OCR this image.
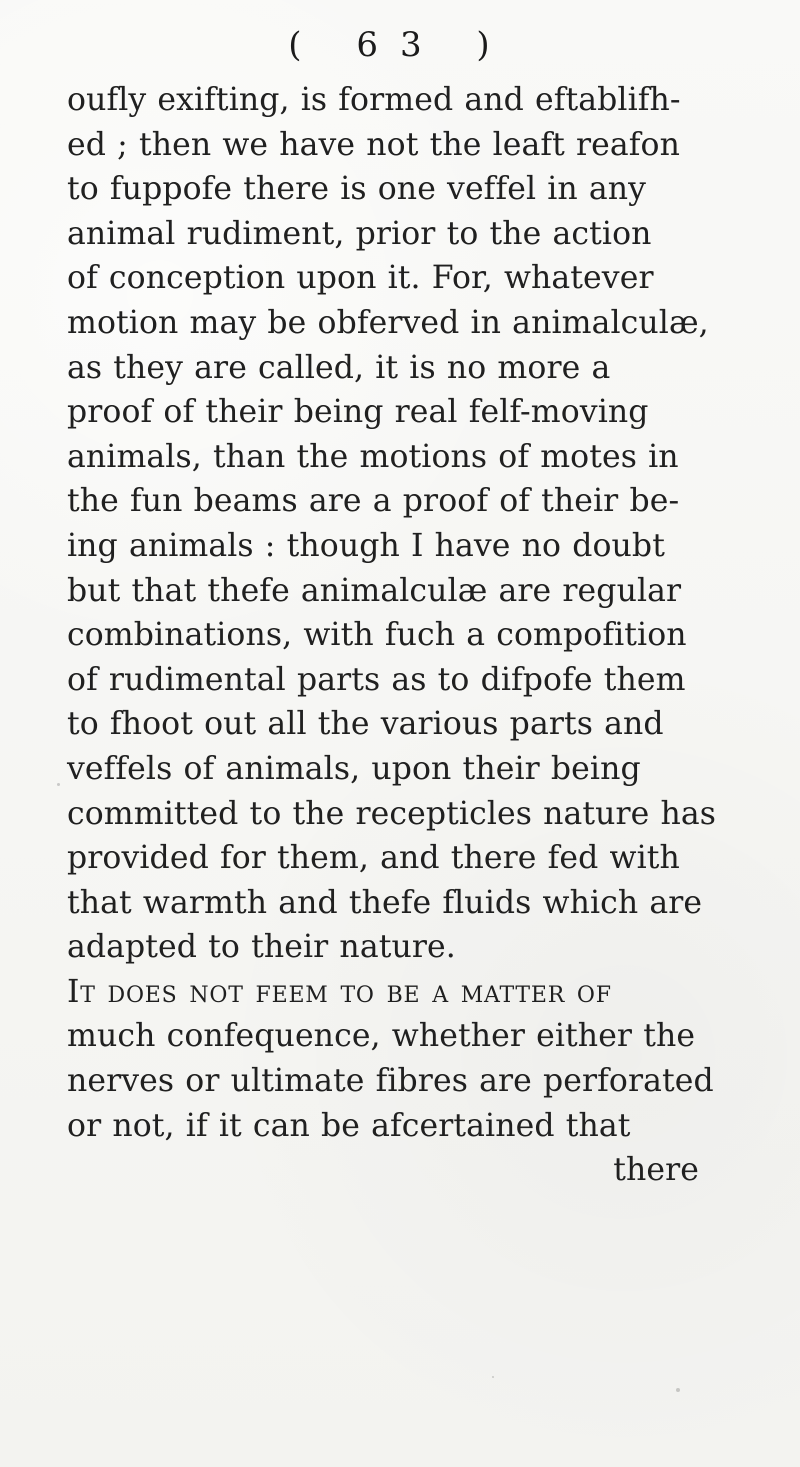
( 63 )
oufly exifting, is formed and eftablifh-
ed ; then we have not the leaft reafon
to fuppofe there is one veffel in any
animal rudiment, prior to the action
of conception upon it. For, whatever
motion may be obferved in animalculæ,
as they are called, it is no more a
proof of their being real felf-moving
animals, than the motions of motes in
the fun beams are a proof of their be-
ing animals : though I have no doubt
but that thefe animalculæ are regular
combinations, with fuch a compofition
of rudimental parts as to difpofe them
to fhoot out all the various parts and
veffels of animals, upon their being
committed to the recepticles nature has
provided for them, and there fed with
that warmth and thefe fluids which are
adapted to their nature.
It does not feem to be a matter of
much confequence, whether either the
nerves or ultimate fibres are perforated
or not, if it can be afcertained that
there
